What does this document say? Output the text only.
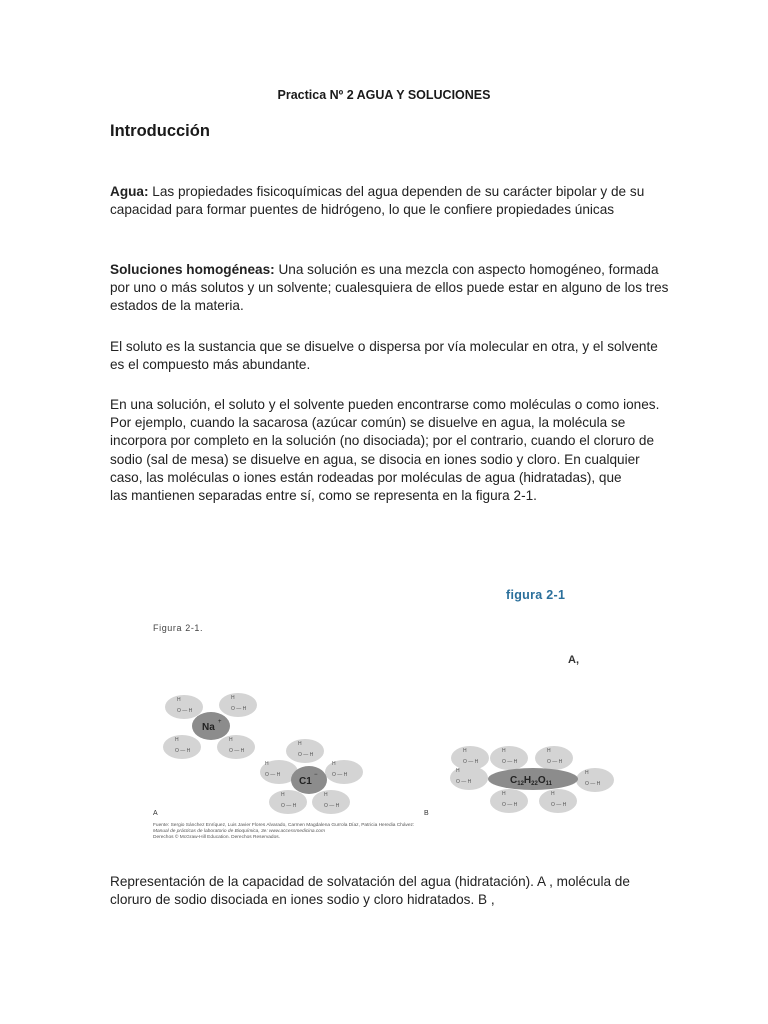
Practica Nº 2 AGUA Y SOLUCIONES
Introducción
Agua: Las propiedades fisicoquímicas del agua dependen de su carácter bipolar y de su capacidad para formar puentes de hidrógeno, lo que le confiere propiedades únicas
Soluciones homogéneas: Una solución es una mezcla con aspecto homogéneo, formada por uno o más solutos y un solvente; cualesquiera de ellos puede estar en alguno de los tres estados de la materia.
El soluto es la sustancia que se disuelve o dispersa por vía molecular en otra, y el solvente es el compuesto más abundante.
En una solución, el soluto y el solvente pueden encontrarse como moléculas o como iones. Por ejemplo, cuando la sacarosa (azúcar común) se disuelve en agua, la molécula se incorpora por completo en la solución (no disociada); por el contrario, cuando el cloruro de sodio (sal de mesa) se disuelve en agua, se disocia en iones sodio y cloro. En cualquier caso, las moléculas o iones están rodeadas por moléculas de agua (hidratadas), que
las mantienen separadas entre sí, como se representa en la figura 2-1.
figura 2-1
Figura 2-1.
A,
H
O — H
H
O — H
H
O — H
H
O — H
Na +
H
O — H
H
O — H
H
O — H
H
O — H
H
O — H
C1
−
H
O — H
H
O — H
H
O — H
H
O — H
H
O — H
H
O — H
H
O — H
$C_{12}H_{22}O_{11}$
A	B
Fuente: Sergio Sánchez Enríquez, Luis Javier Flores Alvarado, Carmen Magdalena Gurrola Díaz, Patricia Heredia Chávez:
Manual de prácticas de laboratorio de Bioquímica, 3e: www.accessmedicina.com
Derechos © McGraw-Hill Education. Derechos Reservados.
Representación de la capacidad de solvatación del agua (hidratación). A , molécula de cloruro de sodio disociada en iones sodio y cloro hidratados. B ,
